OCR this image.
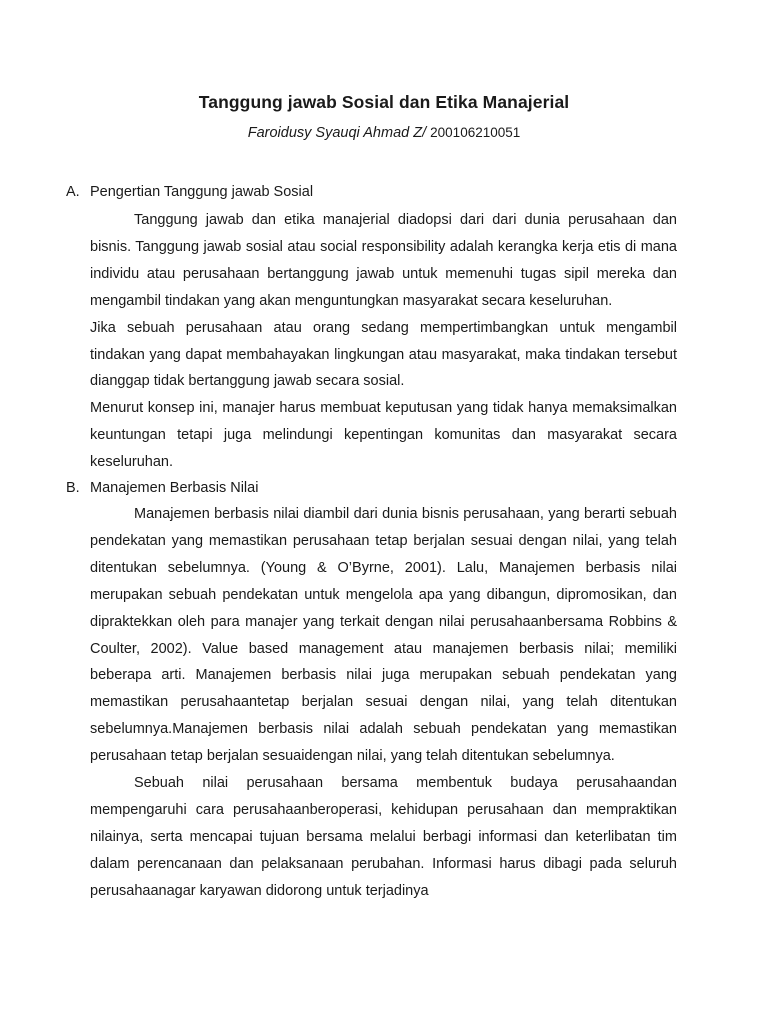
Tanggung jawab Sosial dan Etika Manajerial
Faroidusy Syauqi Ahmad Z/ 200106210051
A. Pengertian Tanggung jawab Sosial

Tanggung jawab dan etika manajerial diadopsi dari dari dunia perusahaan dan bisnis. Tanggung jawab sosial atau social responsibility adalah kerangka kerja etis di mana individu atau perusahaan bertanggung jawab untuk memenuhi tugas sipil mereka dan mengambil tindakan yang akan menguntungkan masyarakat secara keseluruhan.

Jika sebuah perusahaan atau orang sedang mempertimbangkan untuk mengambil tindakan yang dapat membahayakan lingkungan atau masyarakat, maka tindakan tersebut dianggap tidak bertanggung jawab secara sosial.

Menurut konsep ini, manajer harus membuat keputusan yang tidak hanya memaksimalkan keuntungan tetapi juga melindungi kepentingan komunitas dan masyarakat secara keseluruhan.

B. Manajemen Berbasis Nilai

Manajemen berbasis nilai diambil dari dunia bisnis perusahaan, yang berarti sebuah pendekatan yang memastikan perusahaan tetap berjalan sesuai dengan nilai, yang telah ditentukan sebelumnya. (Young & O’Byrne, 2001). Lalu, Manajemen berbasis nilai merupakan sebuah pendekatan untuk mengelola apa yang dibangun, dipromosikan, dan dipraktekkan oleh para manajer yang terkait dengan nilai perusahaanbersama Robbins & Coulter, 2002). Value based management atau manajemen berbasis nilai; memiliki beberapa arti. Manajemen berbasis nilai juga merupakan sebuah pendekatan yang memastikan perusahaantetap berjalan sesuai dengan nilai, yang telah ditentukan sebelumnya.Manajemen berbasis nilai adalah sebuah pendekatan yang memastikan perusahaan tetap berjalan sesuaidengan nilai, yang telah ditentukan sebelumnya.

Sebuah nilai perusahaan bersama membentuk budaya perusahaandan mempengaruhi cara perusahaanberoperasi, kehidupan perusahaan dan mempraktikan nilainya, serta mencapai tujuan bersama melalui berbagi informasi dan keterlibatan tim dalam perencanaan dan pelaksanaan perubahan. Informasi harus dibagi pada seluruh perusahaanagar karyawan didorong untuk terjadinya
